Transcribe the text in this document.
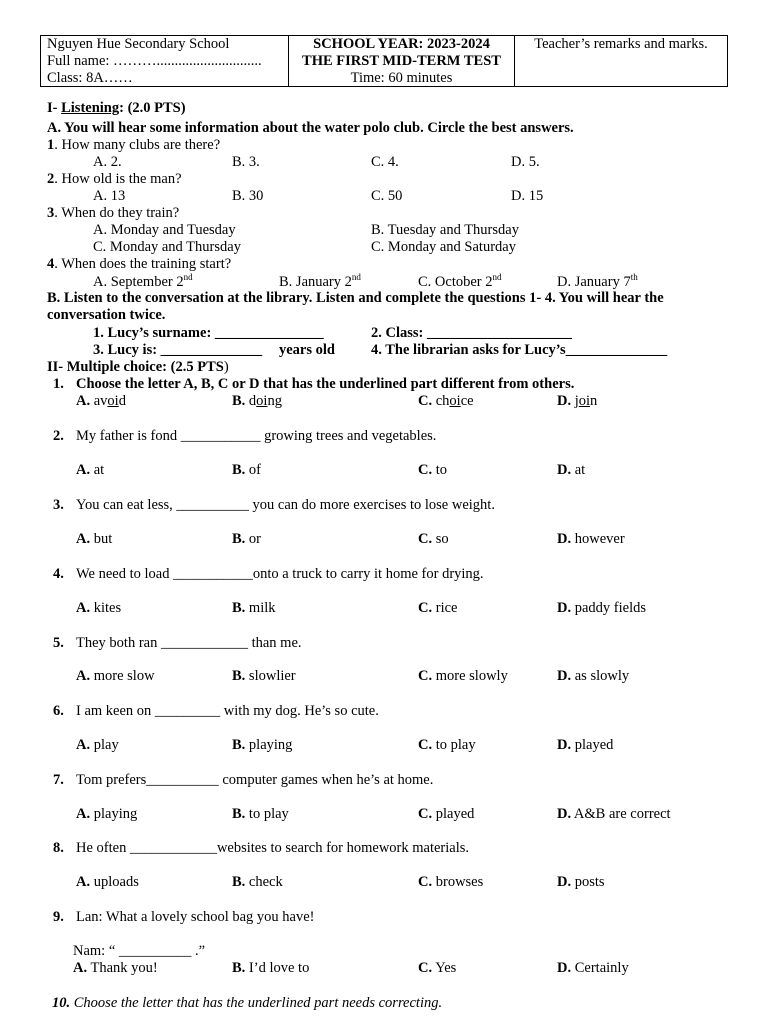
Nguyen Hue Secondary School
Full name: ……….............................
Class: 8A……
SCHOOL YEAR: 2023-2024
THE FIRST MID-TERM TEST
Time: 60 minutes
Teacher’s remarks and marks.
I- Listening: (2.0 PTS)
A. You will hear some information about the water polo club. Circle the best answers.
1. How many clubs are there?
A. 2.	B. 3.	C. 4.	D. 5.
2. How old is the man?
A. 13	B. 30	C. 50	D. 15
3. When do they train?
A. Monday and Tuesday	B. Tuesday and Thursday
C. Monday and Thursday	C. Monday and Saturday
4. When does the training start?
A. September 2nd	B. January 2nd	C. October 2nd	D. January 7th
B. Listen to the conversation at the library. Listen and complete the questions 1- 4. You will hear the
conversation twice.
1. Lucy’s surname: _______________	2. Class: ____________________
3. Lucy is: ______________ years old 4. The librarian asks for Lucy’s______________
II- Multiple choice: (2.5 PTS)
1. Choose the letter A, B, C or D that has the underlined part different from others.
A. avoid	B. doing	C. choice	D. join
2. My father is fond ___________ growing trees and vegetables.
A. at	B. of	C. to	D. at
3. You can eat less, __________ you can do more exercises to lose weight.
A. but	B. or	C. so	D. however
4. We need to load ___________onto a truck to carry it home for drying.
A. kites	B. milk	C. rice	D. paddy fields
5. They both ran ____________ than me.
A. more slow	B. slowlier	C. more slowly	D. as slowly
6. I am keen on _________ with my dog. He’s so cute.
A. play	B. playing	C. to play	D. played
7. Tom prefers__________ computer games when he’s at home.
A. playing	B. to play	C. played	D. A&B are correct
8. He often ____________websites to search for homework materials.
A. uploads	B. check	C. browses	D. posts
9. Lan: What a lovely school bag you have!
Nam: “ __________ .”
A. Thank you!	B. I’d love to	C. Yes	D. Certainly
10. Choose the letter that has the underlined part needs correcting.
